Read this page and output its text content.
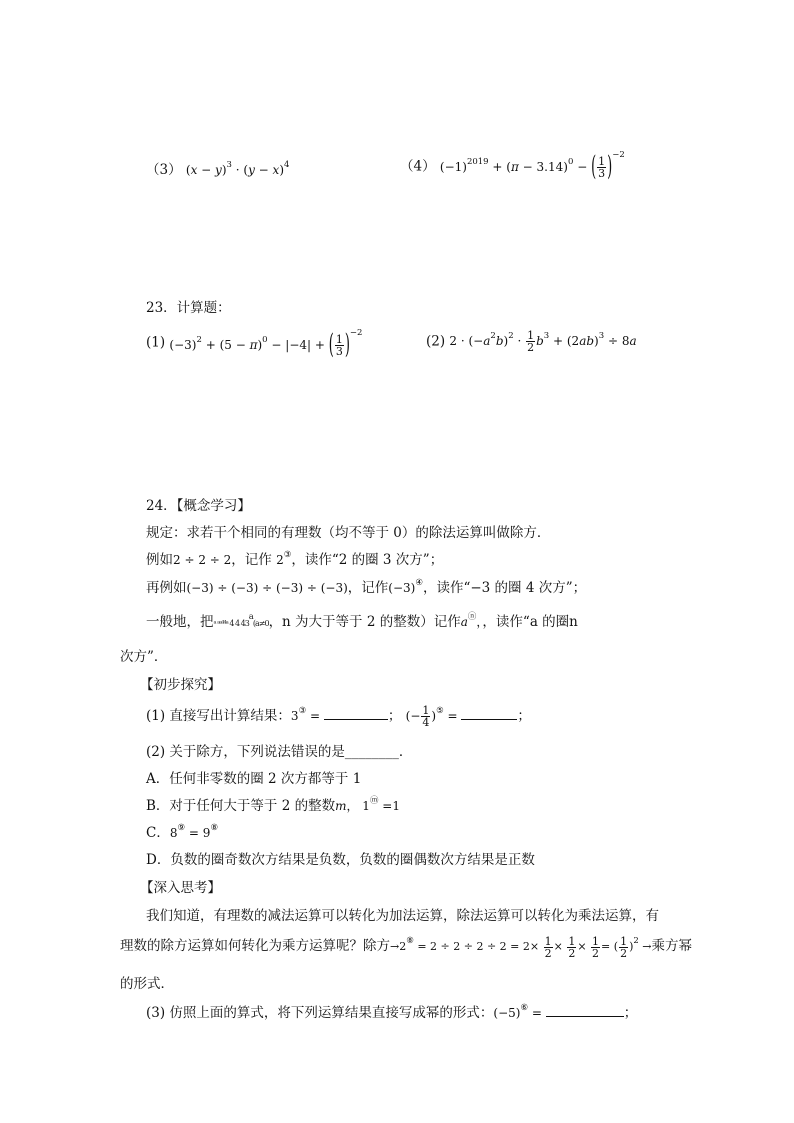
（3） $(x - y)^3 \cdot (y - x)^4$	（4） $(-1)^{2019} + (\pi - 3.14)^0$ − ( $\frac{1}{3} )^{-2}$
23．计算题：
(1) $(-3)^2 + (5 - \pi)^0 - |-4|$ + ( $\frac{1}{3} )^{-2}$
(2) $2 \cdot (-a^2b)^2 \cdot \frac{1}{2} b^3 + (2ab)^3 \div 8a$
24．【概念学习】
规定：求若干个相同的有理数（均不等于 0）的除法运算叫做除方．
例如2 ÷ 2 ÷ 2，记作 2③，读作“2 的圈 3 次方”；
再例如(−3) ÷ (−3) ÷ (−3) ÷ (−3)，记作(−3)④，读作“−3 的圈 4 次方”；
一般地，把ᵃ ᵃᵃ⁴⁴ᵃ 4 4 $43^a(a\ne 0$，n 为大于等于 2 的整数）记作aⓝ，，读作“a 的圈n
次方”．
【初步探究】
(1) 直接写出计算结果：3③ =	； (− $\frac{1}{4} )^⑤$ =	；
(2) 关于除方，下列说法错误的是________．
A．任何非零数的圈 2 次方都等于 1
B．对于任何大于等于 2 的整数m， 1ⓜ =1
C．8⑨ = 9⑧
D．负数的圈奇数次方结果是负数，负数的圈偶数次方结果是正数
【深入思考】
我们知道，有理数的减法运算可以转化为加法运算，除法运算可以转化为乘法运算，有
理数的除方运算如何转化为乘方运算呢？除方$\to 2^⑧ = 2 \div 2 \div 2 \div 2 = 2\times \frac{1}{2} \times \frac{1}{2} \times \frac{1}{2}$ = ( $\frac{1}{2} )^2$ →乘方幂
的形式．
(3) 仿照上面的算式，将下列运算结果直接写成幂的形式：(−5)⑥ =	；
